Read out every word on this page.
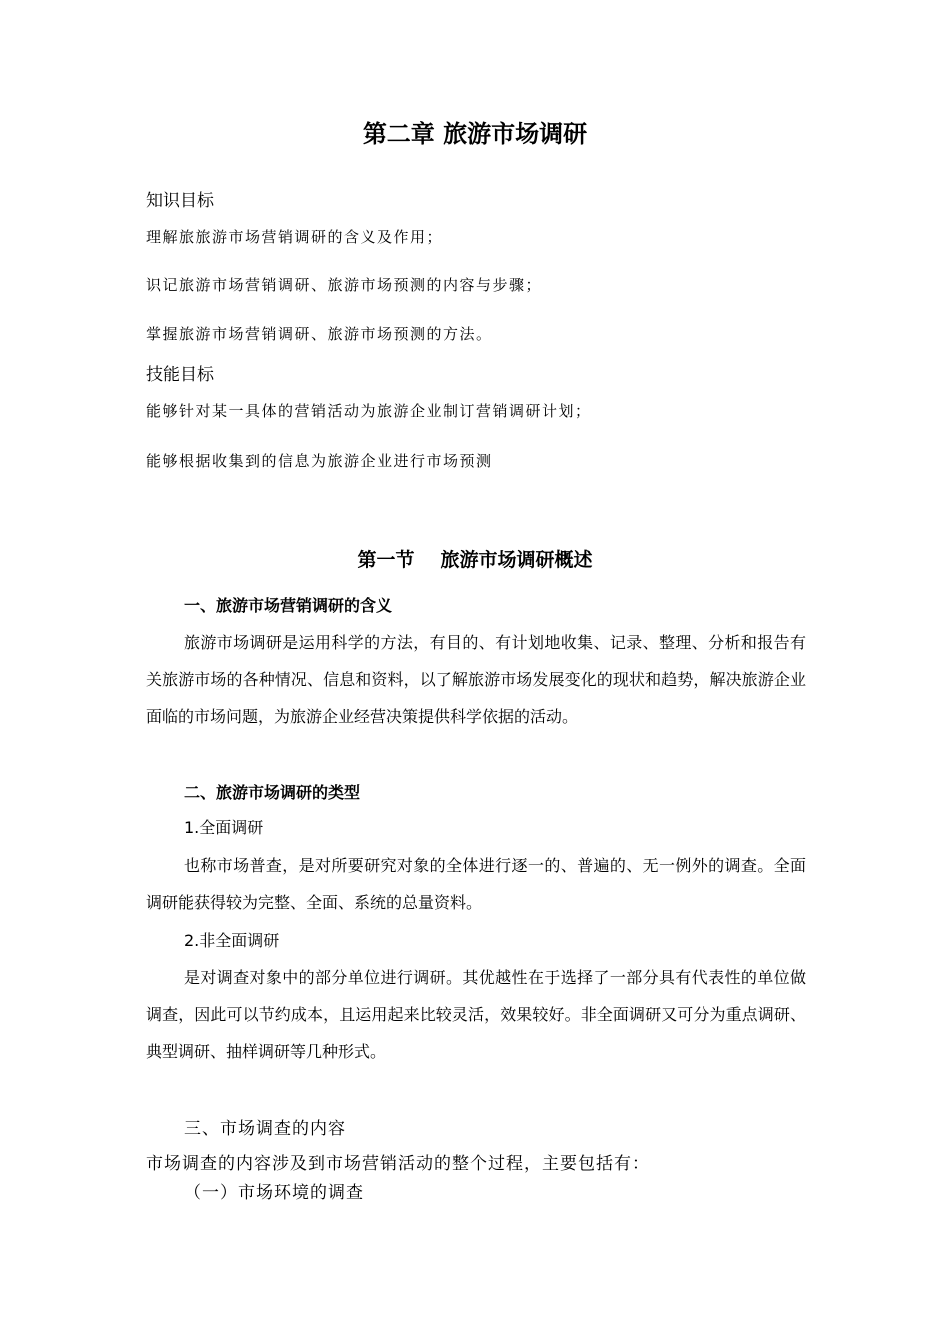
第二章 旅游市场调研
知识目标
理解旅旅游市场营销调研的含义及作用；
识记旅游市场营销调研、旅游市场预测的内容与步骤；
掌握旅游市场营销调研、旅游市场预测的方法。
技能目标
能够针对某一具体的营销活动为旅游企业制订营销调研计划；
能够根据收集到的信息为旅游企业进行市场预测
第一节 旅游市场调研概述
一、旅游市场营销调研的含义
旅游市场调研是运用科学的方法，有目的、有计划地收集、记录、整理、分析和报告有关旅游市场的各种情况、信息和资料，以了解旅游市场发展变化的现状和趋势，解决旅游企业面临的市场问题，为旅游企业经营决策提供科学依据的活动。
二、旅游市场调研的类型
1.全面调研
也称市场普查，是对所要研究对象的全体进行逐一的、普遍的、无一例外的调查。全面调研能获得较为完整、全面、系统的总量资料。
2.非全面调研
是对调查对象中的部分单位进行调研。其优越性在于选择了一部分具有代表性的单位做调查，因此可以节约成本，且运用起来比较灵活，效果较好。非全面调研又可分为重点调研、典型调研、抽样调研等几种形式。
三、市场调查的内容
市场调查的内容涉及到市场营销活动的整个过程，主要包括有：
（一）市场环境的调查
